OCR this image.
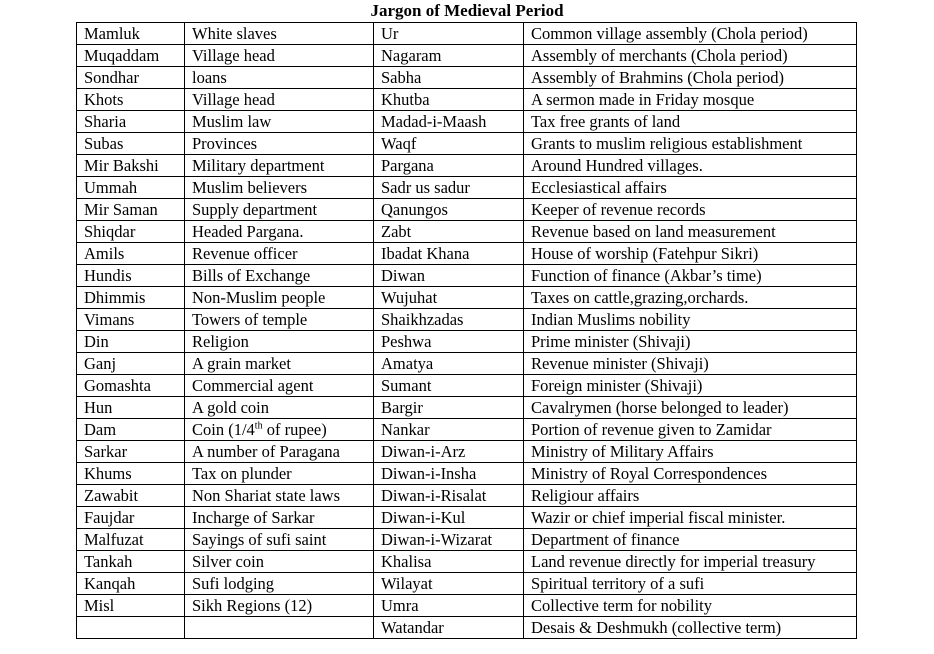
Jargon of Medieval Period
Mamluk	White slaves	Ur	Common village assembly (Chola period)
Muqaddam	Village head	Nagaram	Assembly of merchants (Chola period)
Sondhar	loans	Sabha	Assembly of Brahmins (Chola period)
Khots	Village head	Khutba	A sermon made in Friday mosque
Sharia	Muslim law	Madad-i-Maash	Tax free grants of land
Subas	Provinces	Waqf	Grants to muslim religious establishment
Mir Bakshi	Military department	Pargana	Around Hundred villages.
Ummah	Muslim believers	Sadr us sadur	Ecclesiastical affairs
Mir Saman	Supply department	Qanungos	Keeper of revenue records
Shiqdar	Headed Pargana.	Zabt	Revenue based on land measurement
Amils	Revenue officer	Ibadat Khana	House of worship (Fatehpur Sikri)
Hundis	Bills of Exchange	Diwan	Function of finance (Akbar’s time)
Dhimmis	Non-Muslim people	Wujuhat	Taxes on cattle,grazing,orchards.
Vimans	Towers of temple	Shaikhzadas	Indian Muslims nobility
Din	Religion	Peshwa	Prime minister (Shivaji)
Ganj	A grain market	Amatya	Revenue minister (Shivaji)
Gomashta	Commercial agent	Sumant	Foreign minister (Shivaji)
Hun	A gold coin	Bargir	Cavalrymen (horse belonged to leader)
Dam	Coin (1/4th of rupee)	Nankar	Portion of revenue given to Zamidar
Sarkar	A number of Paragana	Diwan-i-Arz	Ministry of Military Affairs
Khums	Tax on plunder	Diwan-i-Insha	Ministry of Royal Correspondences
Zawabit	Non Shariat state laws	Diwan-i-Risalat	Religiour affairs
Faujdar	Incharge of Sarkar	Diwan-i-Kul	Wazir or chief imperial fiscal minister.
Malfuzat	Sayings of sufi saint	Diwan-i-Wizarat	Department of finance
Tankah	Silver coin	Khalisa	Land revenue directly for imperial treasury
Kanqah	Sufi lodging	Wilayat	Spiritual territory of a sufi
Misl	Sikh Regions (12)	Umra	Collective term for nobility
		Watandar	Desais & Deshmukh (collective term)
